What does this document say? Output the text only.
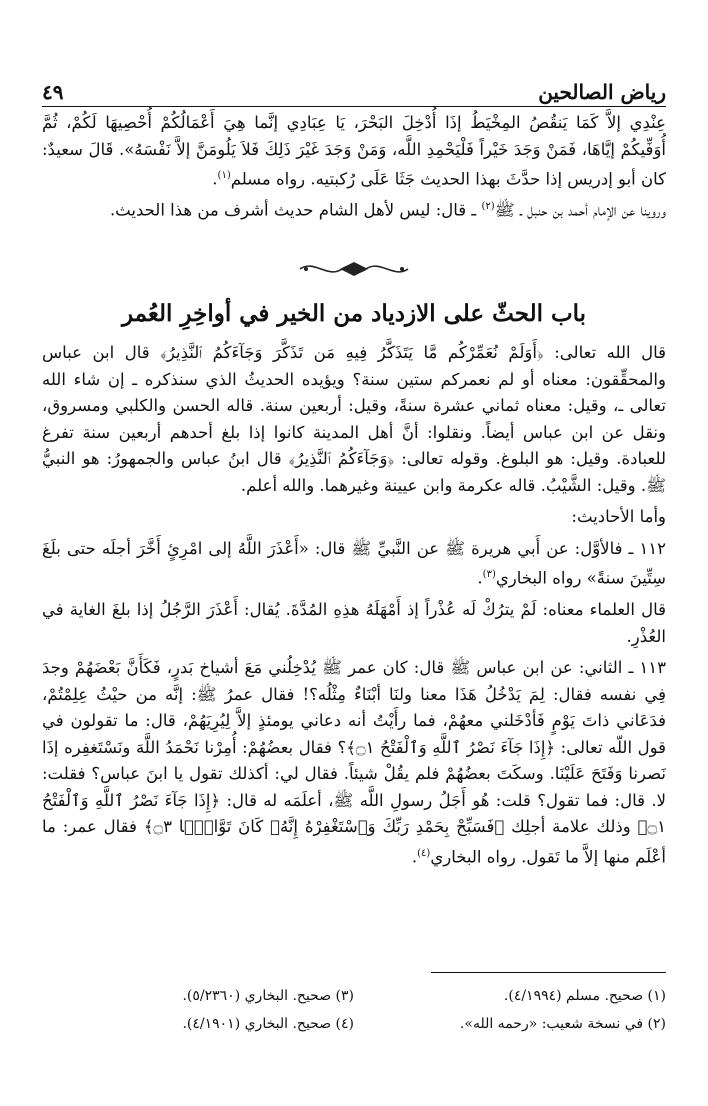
رياض الصالحين
٤٩

عِنْدِي إلاَّ كَمَا يَنقُصُ المِخْيَطُ إذَا أُدْخِلَ البَحْرَ، يَا عِبَادِي إنَّما هِيَ أَعْمَالُكُمْ أُحْصِيهَا لَكُمْ، ثُمَّ أُوَفِّيكُمْ إيَّاهَا، فَمَنْ وَجَدَ خَيْراً فَلْيَحْمِدِ اللَّه، وَمَنْ وَجَدَ غَيْرَ ذَلِكَ فَلاَ يَلُومَنَّ إلاَّ نَفْسَهُ». قَالَ سعيدٌ: كان أبو إدريس إذا حدَّثَ بهذا الحديث جَثَا عَلَى رُكبتيه. رواه مسلم$^{(١)}$.

وروينا عن الإمام أحمد بن حنبل ـ ﷺ$^{(٢)}$ ـ قال: ليس لأهل الشام حديث أشرف من هذا الحديث.

باب الحثّ على الازدياد من الخير في أواخِرِ العُمر

قال الله تعالى: ﴿أَوَلَمْ نُعَمِّرْكُم مَّا يَتَذَكَّرُ فِيهِ مَن تَذَكَّرَ وَجَآءَكُمُ ٱلنَّذِيرُ﴾ قال ابن عباس والمحقِّقون: معناه أو لم نعمركم ستين سنة؟ ويؤيده الحديثُ الذي سنذكره ـ إن شاء الله تعالى ـ، وقيل: معناه ثماني عشرة سنةً، وقيل: أربعين سنة. قاله الحسن والكلبي ومسروق، ونقل عن ابن عباس أيضاً. ونقلوا: أنَّ أهل المدينة كانوا إذا بلغ أحدهم أربعين سنة تفرغ للعبادة. وقيل: هو البلوغ. وقوله تعالى: ﴿وَجَآءَكُمُ ٱلنَّذِيرُ﴾ قال ابنُ عباس والجمهورُ: هو النبيُّ ﷺ. وقيل: الشَّيْبُ. قاله عكرمة وابن عيينة وغيرهما. والله أعلم.

وأما الأحاديث:

١١٢ ـ فالأوَّل: عن أَبي هريرة ﷺ عن النَّبيِّ ﷺ قال: «أَعْذَرَ اللَّهُ إلى امْرِئٍ أَخَّرَ أجلَه حتى بلَغَ سِتِّينَ سنةً» رواه البخاري$^{(٣)}$.

قال العلماء معناه: لَمْ يترُكْ لَه عُذْراً إذ أَمْهَلَهُ هذِهِ المُدَّةَ. يُقال: أَعْذَرَ الرَّجُلُ إذا بلغَ الغاية في العُذْرِ.

١١٣ ـ الثاني: عن ابن عباس ﷺ قال: كان عمر ﷺ يُدْخِلُني مَعَ أشياخ بَدرٍ، فَكَأَنَّ بَعْضَهُمْ وجدَ فِي نفسه فقال: لِمَ يَدْخُلُ هَذَا معنا ولنَا أبْنَاءٌ مِثْلُه؟! فقال عمرُ ﷺ: إنَّه من حيْثُ عِلِمْتُمْ، فدَعَاني ذاتَ يَوْمٍ فَأدْخَلني معهُمْ، فما رأَيْتُ أنه دعاني يومئذٍ إلاَّ لِيُرِيَهُمْ، قال: ما تقولون في قول اللّه تعالى: ﴿إِذَا جَآءَ نَصْرُ ٱللَّهِ وَٱلْفَتْحُ ۝١﴾؟ فقال بعضُهُمْ: أُمِرْنا نَحْمَدُ اللَّهَ ونَسْتَغفِره إذَا نَصرنا وَفَتَحَ عَلَيْنَا. وسكَتَ بعضُهُمْ فلم يقُلْ شيئاً. فقال لي: أكذلك تقول يا ابنَ عباس؟ فقلت: لا. قال: فما تقول؟ قلت: هُو أَجَلُ رسولِ اللَّه ﷺ، أعلَمَه له قال: ﴿إِذَا جَآءَ نَصْرُ ٱللَّهِ وَٱلْفَتْحُ ۝١﴾ وذلك علامة أجلِك ﴿فَسَبِّحْ بِحَمْدِ رَبِّكَ وَٱسْتَغْفِرْهُ إِنَّهُۥ كَانَ تَوَّابًۢا ۝٣﴾ فقال عمر: ما أعْلَم منها إلاَّ ما تَقول. رواه البخاري$^{(٤)}$.

(١) صحيح. مسلم (٤/١٩٩٤).
(٣) صحيح. البخاري (٥/٢٣٦٠).
(٢) في نسخة شعيب: «رحمه الله».
(٤) صحيح. البخاري (٤/١٩٠١).
